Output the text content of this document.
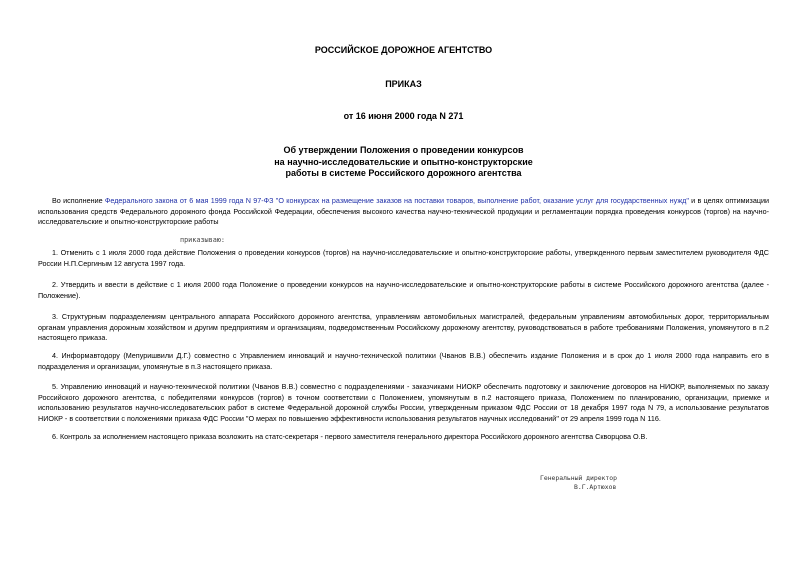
РОССИЙСКОЕ ДОРОЖНОЕ АГЕНТСТВО
ПРИКАЗ
от 16 июня 2000 года N 271
Об утверждении Положения о проведении конкурсов
на научно-исследовательские и опытно-конструкторские
работы в системе Российского дорожного агентства
Во исполнение Федерального закона от 6 мая 1999 года N 97-ФЗ "О конкурсах на размещение заказов на поставки товаров, выполнение работ, оказание услуг для государственных нужд" и в целях оптимизации использования средств Федерального дорожного фонда Российской Федерации, обеспечения высокого качества научно-технической продукции и регламентации порядка проведения конкурсов (торгов) на научно-исследовательские и опытно-конструкторские работы
приказываю:
1. Отменить с 1 июля 2000 года действие Положения о проведении конкурсов (торгов) на научно-исследовательские и опытно-конструкторские работы, утвержденного первым заместителем руководителя ФДС России Н.П.Сергиным 12 августа 1997 года.
2. Утвердить и ввести в действие с 1 июля 2000 года Положение о проведении конкурсов на научно-исследовательские и опытно-конструкторские работы в системе Российского дорожного агентства (далее - Положение).
3. Структурным подразделениям центрального аппарата Российского дорожного агентства, управлениям автомобильных магистралей, федеральным управлениям автомобильных дорог, территориальным органам управления дорожным хозяйством и другим предприятиям и организациям, подведомственным Российскому дорожному агентству, руководствоваться в работе требованиями Положения, упомянутого в п.2 настоящего приказа.
4. Информавтодору (Мепуришвили Д.Г.) совместно с Управлением инноваций и научно-технической политики (Чванов В.В.) обеспечить издание Положения и в срок до 1 июля 2000 года направить его в подразделения и организации, упомянутые в п.3 настоящего приказа.
5. Управлению инноваций и научно-технической политики (Чванов В.В.) совместно с подразделениями - заказчиками НИОКР обеспечить подготовку и заключение договоров на НИОКР, выполняемых по заказу Российского дорожного агентства, с победителями конкурсов (торгов) в точном соответствии с Положением, упомянутым в п.2 настоящего приказа, Положением по планированию, организации, приемке и использованию результатов научно-исследовательских работ в системе Федеральной дорожной службы России, утвержденным приказом ФДС России от 18 декабря 1997 года N 79, а использование результатов НИОКР - в соответствии с положениями приказа ФДС России "О мерах по повышению эффективности использования результатов научных исследований" от 29 апреля 1999 года N 116.
6. Контроль за исполнением настоящего приказа возложить на статс-секретаря - первого заместителя генерального директора Российского дорожного агентства Скворцова О.В.
Генеральный директор
В.Г.Артюхов
